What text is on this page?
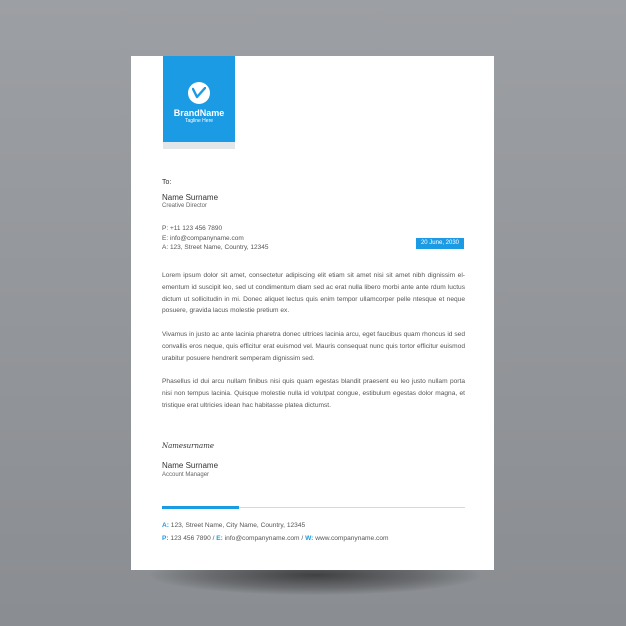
BrandName
Tagline Here
To:
Name Surname
Creative Director
P: +11 123 456 7890
E: info@companyname.com
A: 123, Street Name, Country, 12345
20 June, 2030
Lorem ipsum dolor sit amet, consectetur adipiscing elit etiam sit amet nisi sit amet nibh dignissim el-ementum id suscipit leo, sed ut condimentum diam sed ac erat nulla libero morbi ante ante rdum luctus dictum ut sollicitudin in mi. Donec aliquet lectus quis enim tempor ullamcorper pelle ntesque et neque posuere, gravida lacus molestie pretium ex.
Vivamus in justo ac ante lacinia pharetra donec ultrices lacinia arcu, eget faucibus quam rhoncus id sed convallis eros neque, quis efficitur erat euismod vel. Mauris consequat nunc quis tortor efficitur euismod urabitur posuere hendrerit semperam dignissim sed.
Phasellus id dui arcu nullam finibus nisi quis quam egestas blandit praesent eu leo justo nullam porta nisi non tempus lacinia. Quisque molestie nulla id volutpat congue, estibulum egestas dolor magna, et tristique erat ultricies idean hac habitasse platea dictumst.
Namesurname
Name Surname
Account Manager
A: 123, Street Name, City Name, Country, 12345
P: 123 456 7890 / E: info@companyname.com / W: www.companyname.com
